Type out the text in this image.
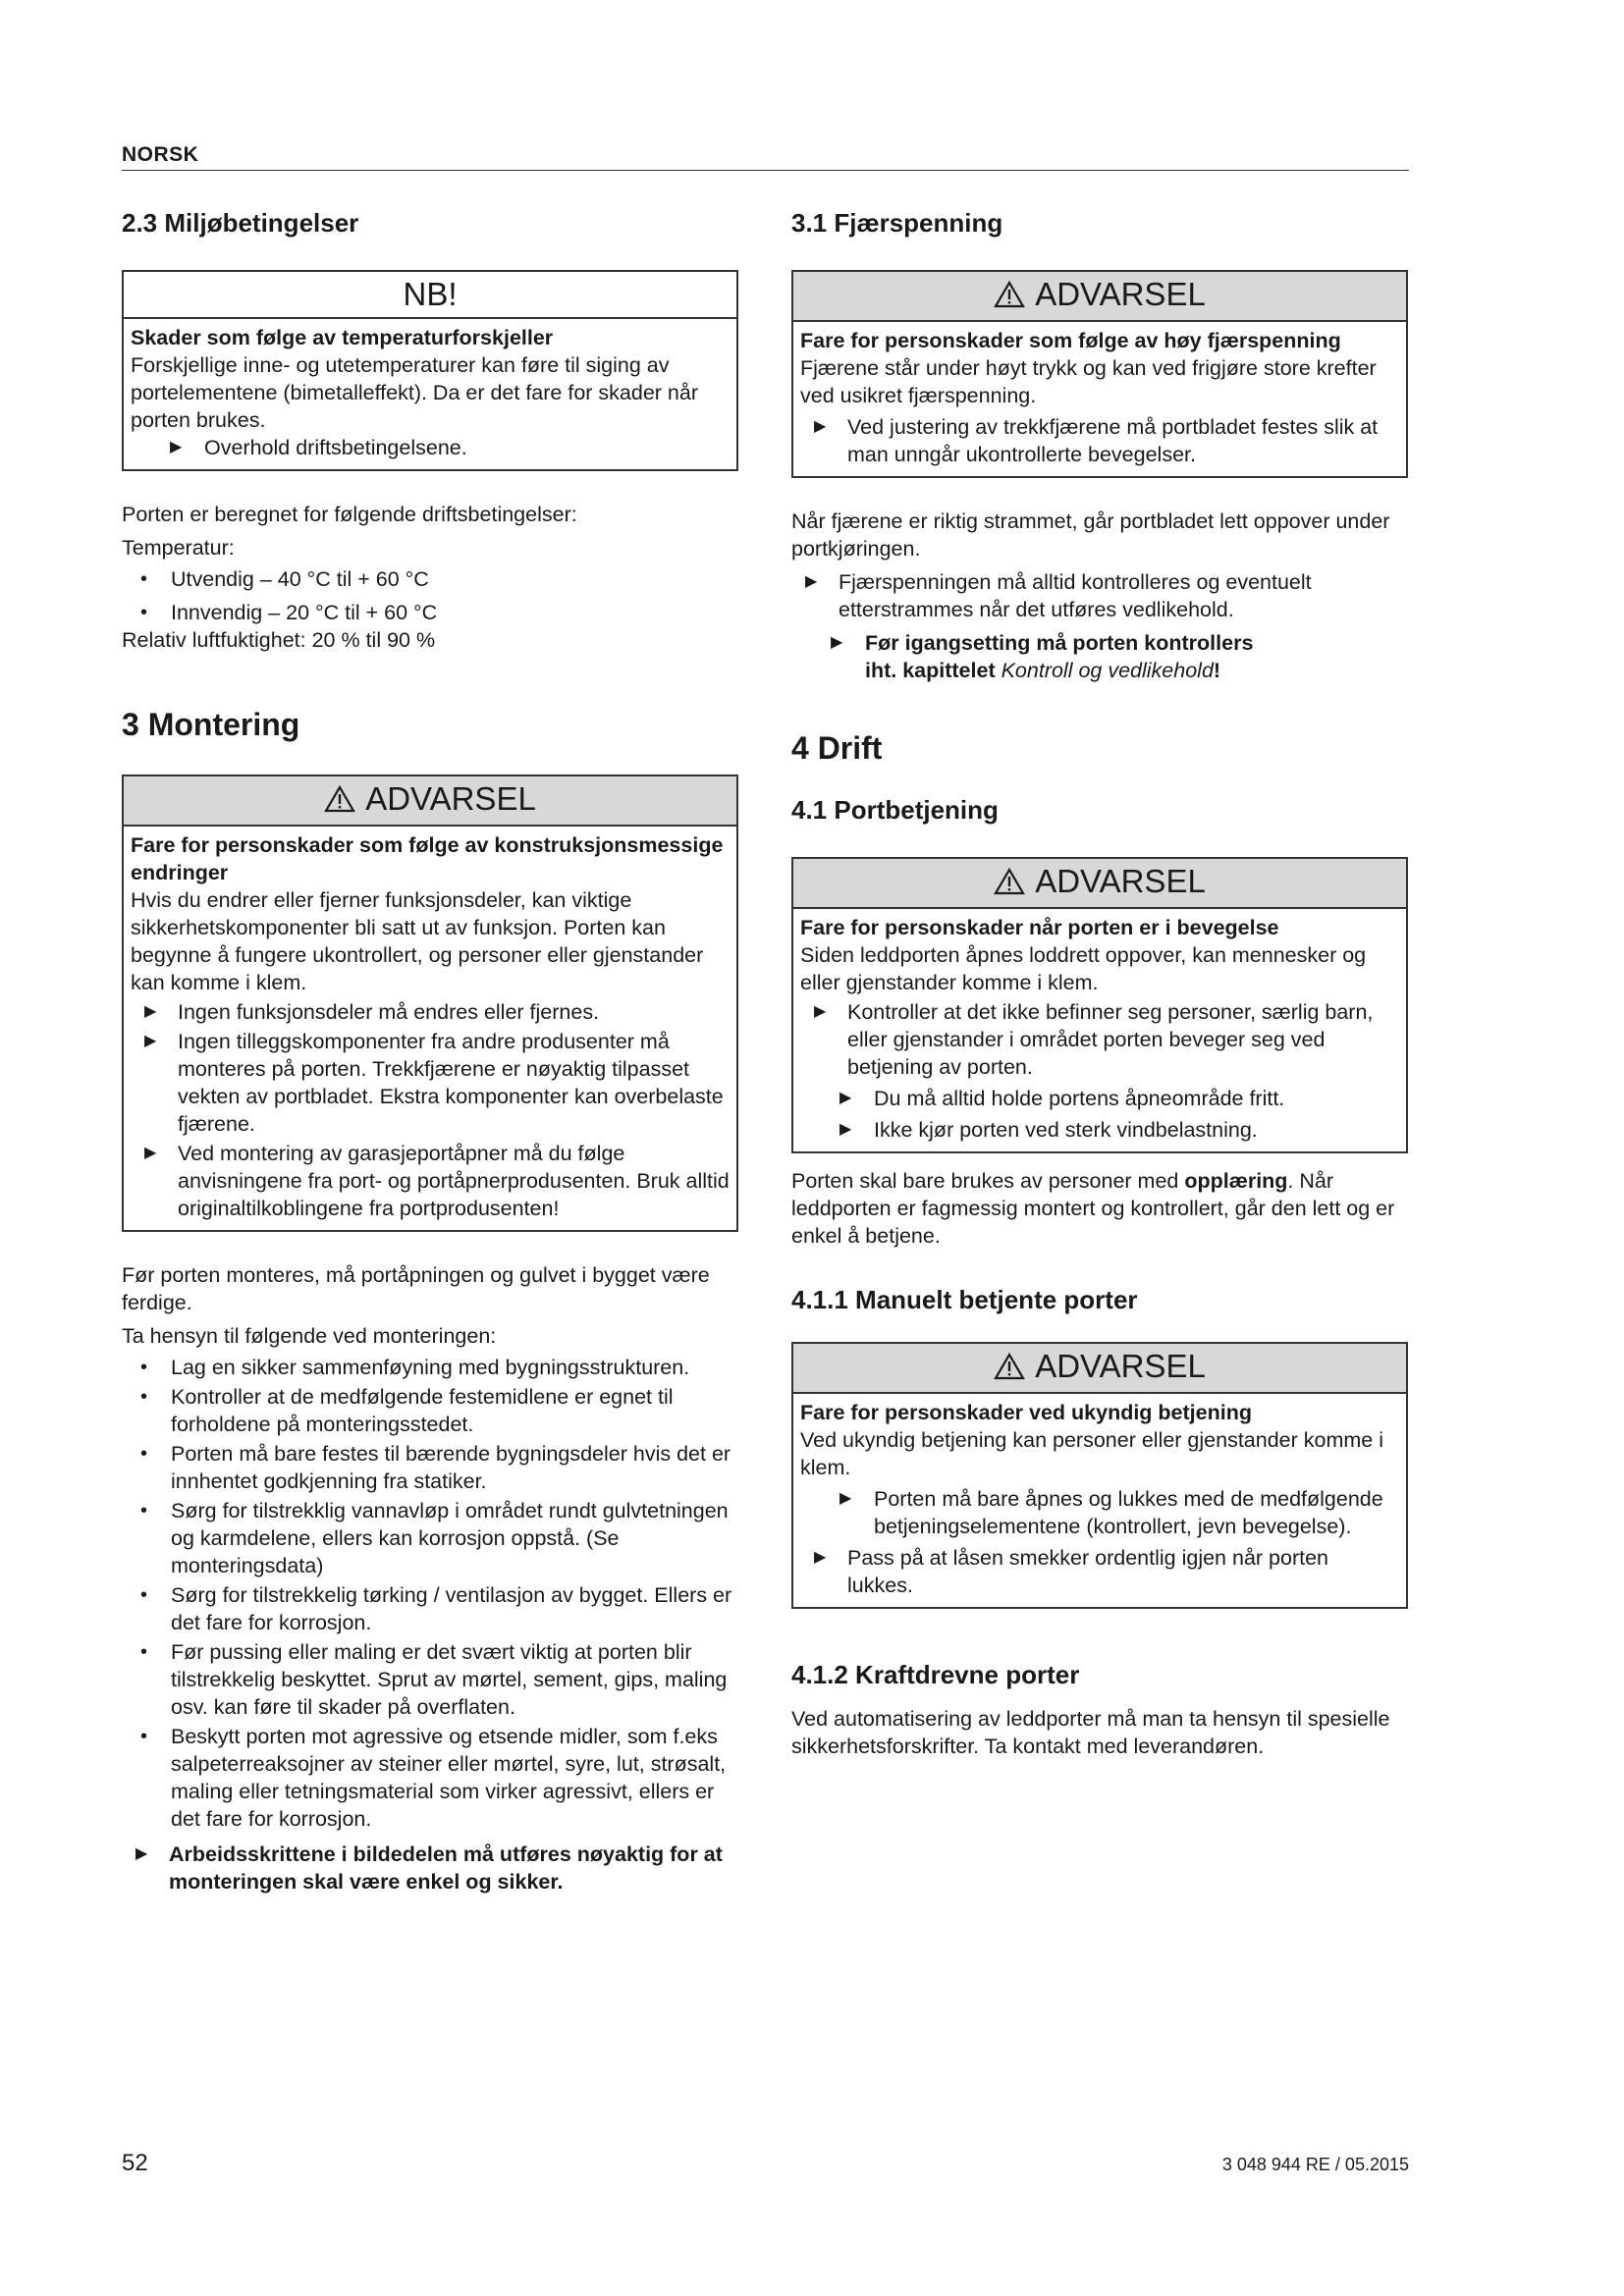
NORSK
2.3 Miljøbetingelser
NB!
Skader som følge av temperaturforskjeller

Forskjellige inne- og utetemperaturer kan føre til siging av portelementene (bimetalleffekt). Da er det fare for skader når porten brukes.

▶ Overhold driftsbetingelsene.

Porten er beregnet for følgende driftsbetingelser:

Temperatur:

• Utvendig – 40 °C til + 60 °C
• Innvendig – 20 °C til + 60 °C

Relativ luftfuktighet: 20 % til 90 %

3 Montering
ADVARSEL
Fare for personskader som følge av konstruksjonsmessige endringer

Hvis du endrer eller fjerner funksjonsdeler, kan viktige sikkerhetskomponenter bli satt ut av funksjon. Porten kan begynne å fungere ukontrollert, og personer eller gjenstander kan komme i klem.

▶ Ingen funksjonsdeler må endres eller fjernes.
▶ Ingen tilleggskomponenter fra andre produsenter må monteres på porten. Trekkfjærene er nøyaktig tilpasset vekten av portbladet. Ekstra komponenter kan overbelaste fjærene.
▶ Ved montering av garasjeportåpner må du følge anvisningene fra port- og portåpnerprodusenten. Bruk alltid originaltilkoblingene fra portprodusenten!

Før porten monteres, må portåpningen og gulvet i bygget være ferdige.

Ta hensyn til følgende ved monteringen:

• Lag en sikker sammenføyning med bygningsstrukturen.
• Kontroller at de medfølgende festemidlene er egnet til forholdene på monteringsstedet.
• Porten må bare festes til bærende bygningsdeler hvis det er innhentet godkjenning fra statiker.
• Sørg for tilstrekklig vannavløp i området rundt gulvtetningen og karmdelene, ellers kan korrosjon oppstå. (Se monteringsdata)
• Sørg for tilstrekkelig tørking / ventilasjon av bygget. Ellers er det fare for korrosjon.
• Før pussing eller maling er det svært viktig at porten blir tilstrekkelig beskyttet. Sprut av mørtel, sement, gips, maling osv. kan føre til skader på overflaten.
• Beskytt porten mot agressive og etsende midler, som f.eks salpeterreaksojner av steiner eller mørtel, syre, lut, strøsalt, maling eller tetningsmaterial som virker agressivt, ellers er det fare for korrosjon.
▶ Arbeidsskrittene i bildedelen må utføres nøyaktig for at monteringen skal være enkel og sikker.
3.1 Fjærspenning
ADVARSEL
Fare for personskader som følge av høy fjærspenning

Fjærene står under høyt trykk og kan ved frigjøre store krefter ved usikret fjærspenning.

▶ Ved justering av trekkfjærene må portbladet festes slik at man unngår ukontrollerte bevegelser.

Når fjærene er riktig strammet, går portbladet lett oppover under portkjøringen.

▶ Fjærspenningen må alltid kontrolleres og eventuelt etterstrammes når det utføres vedlikehold.
▶ Før igangsetting må porten kontrollers
iht. kapittelet Kontroll og vedlikehold!
4 Drift
4.1 Portbetjening
ADVARSEL
Fare for personskader når porten er i bevegelse

Siden leddporten åpnes loddrett oppover, kan mennesker og eller gjenstander komme i klem.

▶ Kontroller at det ikke befinner seg personer, særlig barn, eller gjenstander i området porten beveger seg ved betjening av porten.
▶ Du må alltid holde portens åpneområde fritt.
▶ Ikke kjør porten ved sterk vindbelastning.

Porten skal bare brukes av personer med opplæring. Når leddporten er fagmessig montert og kontrollert, går den lett og er enkel å betjene.

4.1.1 Manuelt betjente porter
ADVARSEL
Fare for personskader ved ukyndig betjening

Ved ukyndig betjening kan personer eller gjenstander komme i klem.

▶ Porten må bare åpnes og lukkes med de medfølgende betjeningselementene (kontrollert, jevn bevegelse).
▶ Pass på at låsen smekker ordentlig igjen når porten lukkes.
4.1.2 Kraftdrevne porter

Ved automatisering av leddporter må man ta hensyn til spesielle sikkerhetsforskrifter. Ta kontakt med leverandøren.

52	3 048 944 RE / 05.2015
